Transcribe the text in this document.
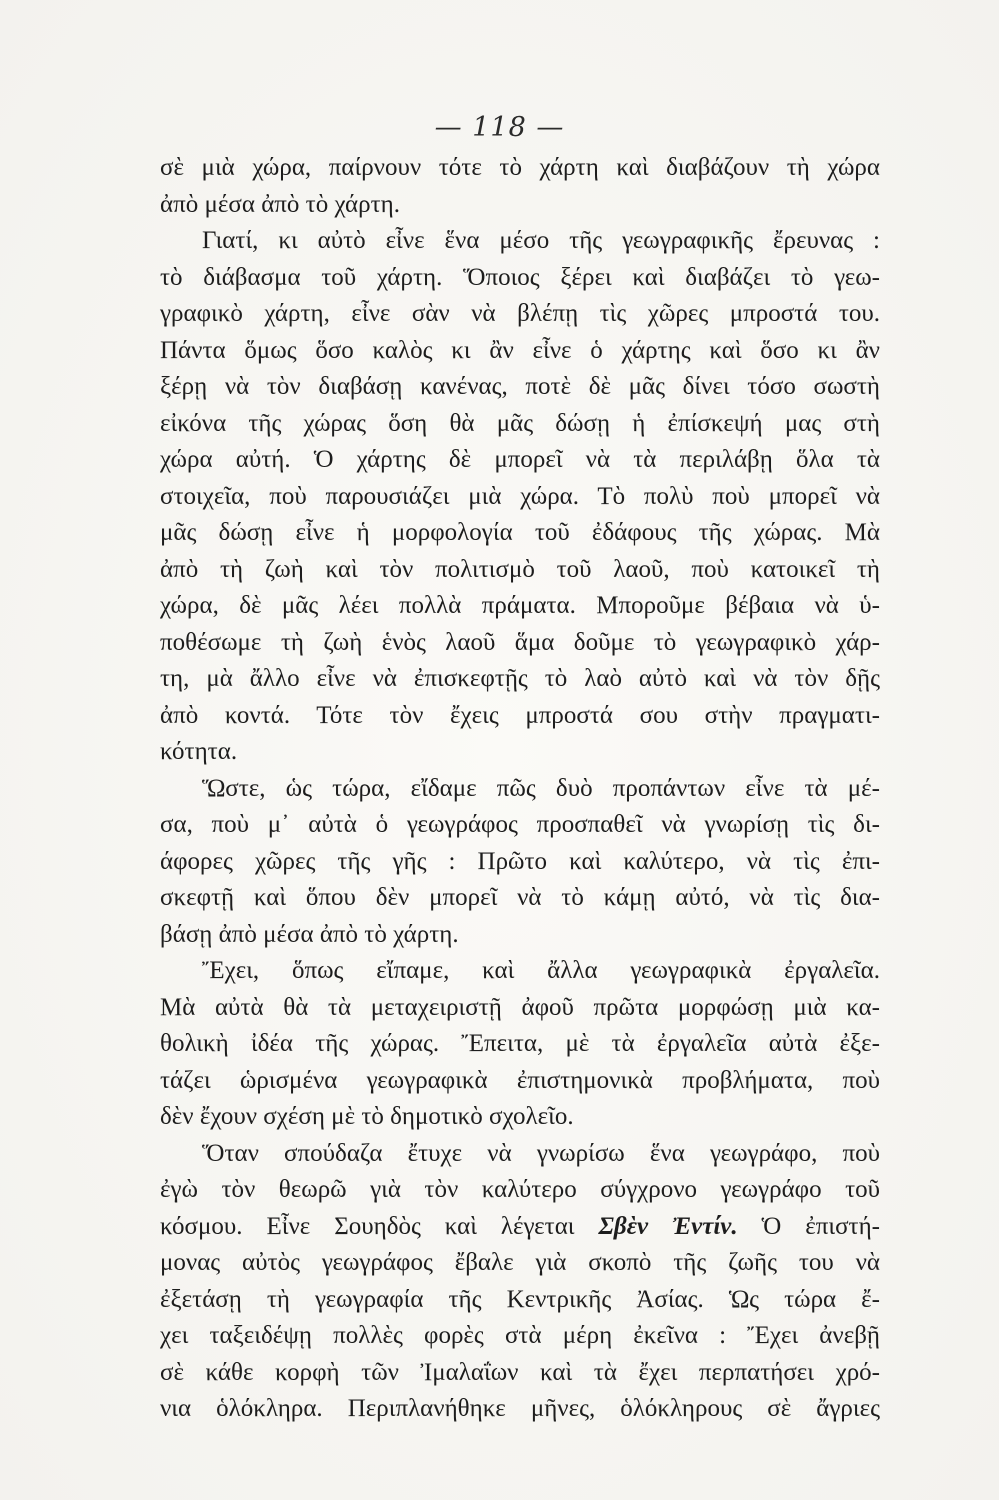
— 118 —
σὲ μιὰ χώρα, παίρνουν τότε τὸ χάρτη καὶ διαβάζουν τὴ χώρα
ἀπὸ μέσα ἀπὸ τὸ χάρτη.
Γιατί, κι αὐτὸ εἶνε ἕνα μέσο τῆς γεωγραφικῆς ἔρευνας :
τὸ διάβασμα τοῦ χάρτη. Ὅποιος ξέρει καὶ διαβάζει τὸ γεω-
γραφικὸ χάρτη, εἶνε σὰν νὰ βλέπῃ τὶς χῶρες μπροστά του.
Πάντα ὅμως ὅσο καλὸς κι ἂν εἶνε ὁ χάρτης καὶ ὅσο κι ἂν
ξέρῃ νὰ τὸν διαβάσῃ κανένας, ποτὲ δὲ μᾶς δίνει τόσο σωστὴ
εἰκόνα τῆς χώρας ὅση θὰ μᾶς δώσῃ ἡ ἐπίσκεψή μας στὴ
χώρα αὐτή. Ὁ χάρτης δὲ μπορεῖ νὰ τὰ περιλάβῃ ὅλα τὰ
στοιχεῖα, ποὺ παρουσιάζει μιὰ χώρα. Τὸ πολὺ ποὺ μπορεῖ νὰ
μᾶς δώσῃ εἶνε ἡ μορφολογία τοῦ ἐδάφους τῆς χώρας. Μὰ
ἀπὸ τὴ ζωὴ καὶ τὸν πολιτισμὸ τοῦ λαοῦ, ποὺ κατοικεῖ τὴ
χώρα, δὲ μᾶς λέει πολλὰ πράματα. Μποροῦμε βέβαια νὰ ὑ-
ποθέσωμε τὴ ζωὴ ἑνὸς λαοῦ ἅμα δοῦμε τὸ γεωγραφικὸ χάρ-
τη, μὰ ἄλλο εἶνε νὰ ἐπισκεφτῇς τὸ λαὸ αὐτὸ καὶ νὰ τὸν δῇς
ἀπὸ κοντά. Τότε τὸν ἔχεις μπροστά σου στὴν πραγματι-
κότητα.
Ὥστε, ὡς τώρα, εἴδαμε πῶς δυὸ προπάντων εἶνε τὰ μέ-
σα, ποὺ μ᾽ αὐτὰ ὁ γεωγράφος προσπαθεῖ νὰ γνωρίσῃ τὶς δι-
άφορες χῶρες τῆς γῆς : Πρῶτο καὶ καλύτερο, νὰ τὶς ἐπι-
σκεφτῇ καὶ ὅπου δὲν μπορεῖ νὰ τὸ κάμῃ αὐτό, νὰ τὶς δια-
βάσῃ ἀπὸ μέσα ἀπὸ τὸ χάρτη.
Ἔχει, ὅπως εἴπαμε, καὶ ἄλλα γεωγραφικὰ ἐργαλεῖα.
Μὰ αὐτὰ θὰ τὰ μεταχειριστῇ ἀφοῦ πρῶτα μορφώσῃ μιὰ κα-
θολικὴ ἰδέα τῆς χώρας. Ἔπειτα, μὲ τὰ ἐργαλεῖα αὐτὰ ἐξε-
τάζει ὡρισμένα γεωγραφικὰ ἐπιστημονικὰ προβλήματα, ποὺ
δὲν ἔχουν σχέση μὲ τὸ δημοτικὸ σχολεῖο.
Ὅταν σπούδαζα ἔτυχε νὰ γνωρίσω ἕνα γεωγράφο, ποὺ
ἐγὼ τὸν θεωρῶ γιὰ τὸν καλύτερο σύγχρονο γεωγράφο τοῦ
κόσμου. Εἶνε Σουηδὸς καὶ λέγεται Σβὲν Ἐντίν. Ὁ ἐπιστή-
μονας αὐτὸς γεωγράφος ἔβαλε γιὰ σκοπὸ τῆς ζωῆς του νὰ
ἐξετάσῃ τὴ γεωγραφία τῆς Κεντρικῆς Ἀσίας. Ὡς τώρα ἔ-
χει ταξειδέψῃ πολλὲς φορὲς στὰ μέρη ἐκεῖνα : Ἔχει ἀνεβῇ
σὲ κάθε κορφὴ τῶν Ἰμαλαΐων καὶ τὰ ἔχει περπατήσει χρό-
νια ὁλόκληρα. Περιπλανήθηκε μῆνες, ὁλόκληρους σὲ ἄγριες
